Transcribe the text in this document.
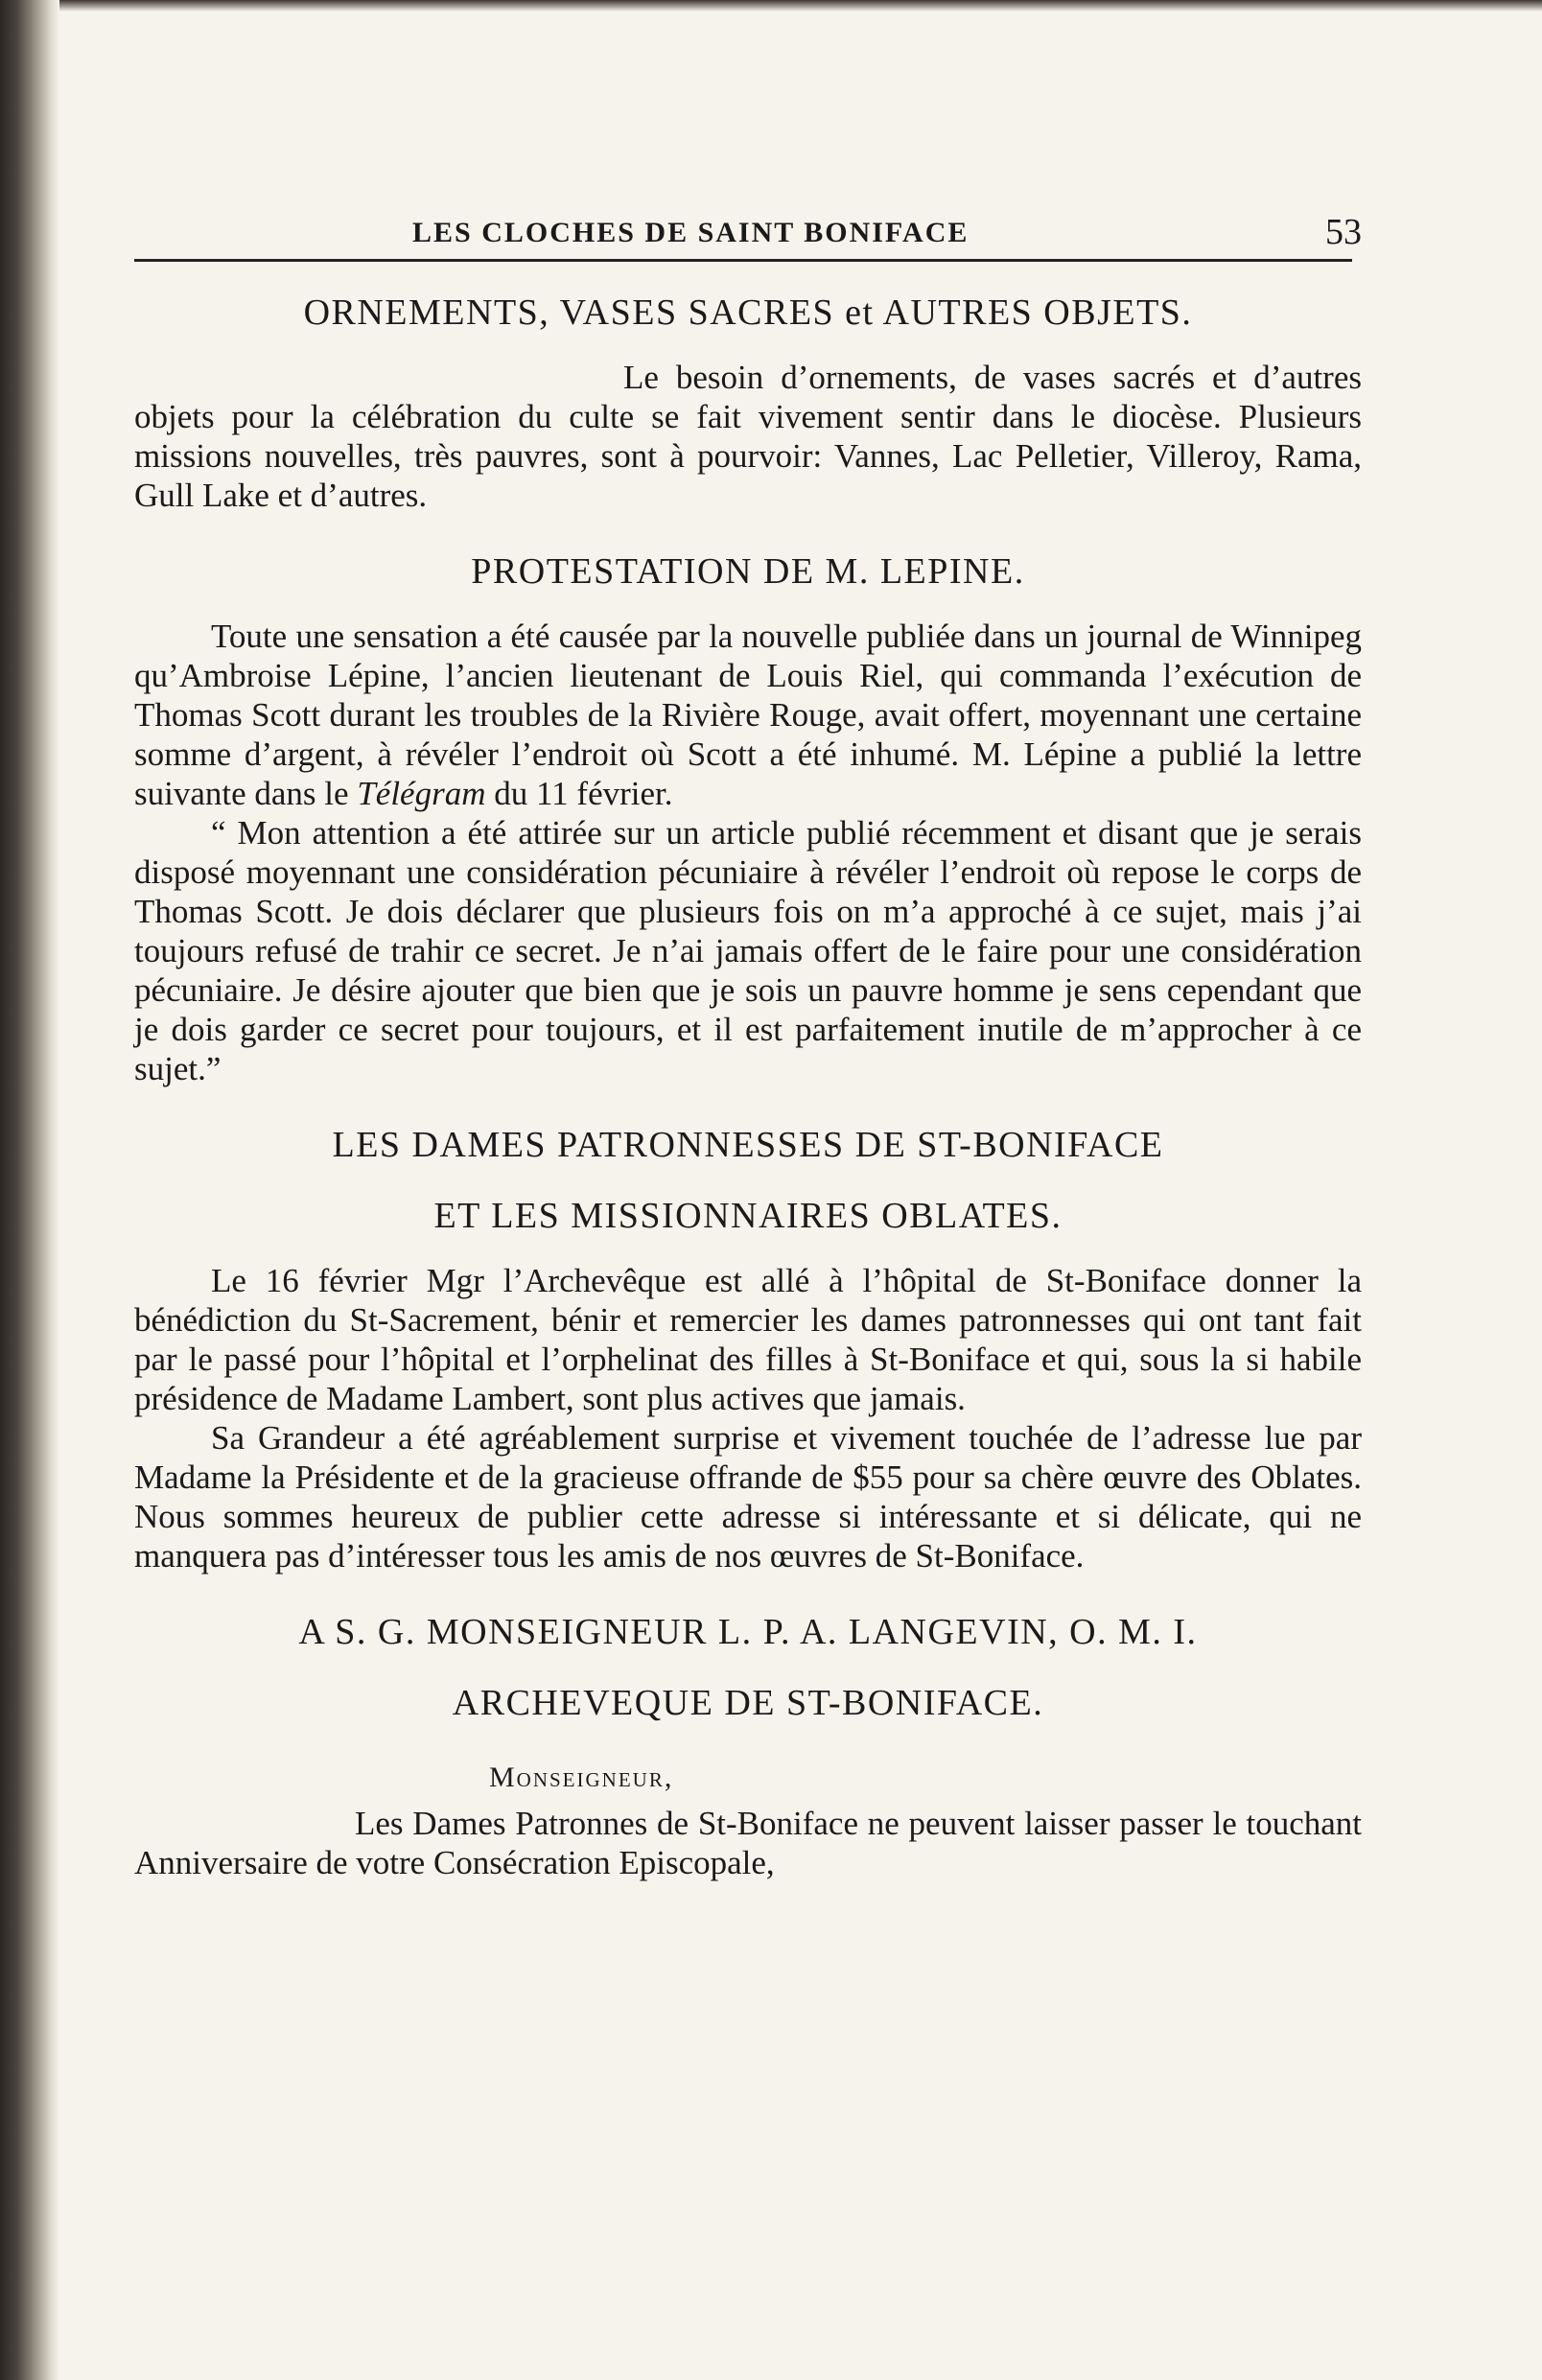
LES CLOCHES DE SAINT BONIFACE	53
ORNEMENTS, VASES SACRES et AUTRES OBJETS.

Le besoin d’ornements, de vases sacrés et d’autres objets pour la célébration du culte se fait vivement sentir dans le diocèse. Plusieurs missions nouvelles, très pauvres, sont à pourvoir: Vannes, Lac Pelletier, Villeroy, Rama, Gull Lake et d’autres.

PROTESTATION DE M. LEPINE.

Toute une sensation a été causée par la nouvelle publiée dans un journal de Winnipeg qu’Ambroise Lépine, l’ancien lieutenant de Louis Riel, qui commanda l’exécution de Thomas Scott durant les troubles de la Rivière Rouge, avait offert, moyennant une certaine somme d’argent, à révéler l’endroit où Scott a été inhumé. M. Lépine a publié la lettre suivante dans le Télégram du 11 février.

“ Mon attention a été attirée sur un article publié récemment et disant que je serais disposé moyennant une considération pécuniaire à révéler l’endroit où repose le corps de Thomas Scott. Je dois déclarer que plusieurs fois on m’a approché à ce sujet, mais j’ai toujours refusé de trahir ce secret. Je n’ai jamais offert de le faire pour une considération pécuniaire. Je désire ajouter que bien que je sois un pauvre homme je sens cependant que je dois garder ce secret pour toujours, et il est parfaitement inutile de m’approcher à ce sujet.”

LES DAMES PATRONNESSES DE ST-BONIFACE
ET LES MISSIONNAIRES OBLATES.

Le 16 février Mgr l’Archevêque est allé à l’hôpital de St-Boniface donner la bénédiction du St-Sacrement, bénir et remercier les dames patronnesses qui ont tant fait par le passé pour l’hôpital et l’orphelinat des filles à St-Boniface et qui, sous la si habile présidence de Madame Lambert, sont plus actives que jamais.

Sa Grandeur a été agréablement surprise et vivement touchée de l’adresse lue par Madame la Présidente et de la gracieuse offrande de $55 pour sa chère œuvre des Oblates. Nous sommes heureux de publier cette adresse si intéressante et si délicate, qui ne manquera pas d’intéresser tous les amis de nos œuvres de St-Boniface.

A S. G. MONSEIGNEUR L. P. A. LANGEVIN, O. M. I.
ARCHEVEQUE DE ST-BONIFACE.
Monseigneur,

Les Dames Patronnes de St-Boniface ne peuvent laisser passer le touchant Anniversaire de votre Consécration Episcopale,
